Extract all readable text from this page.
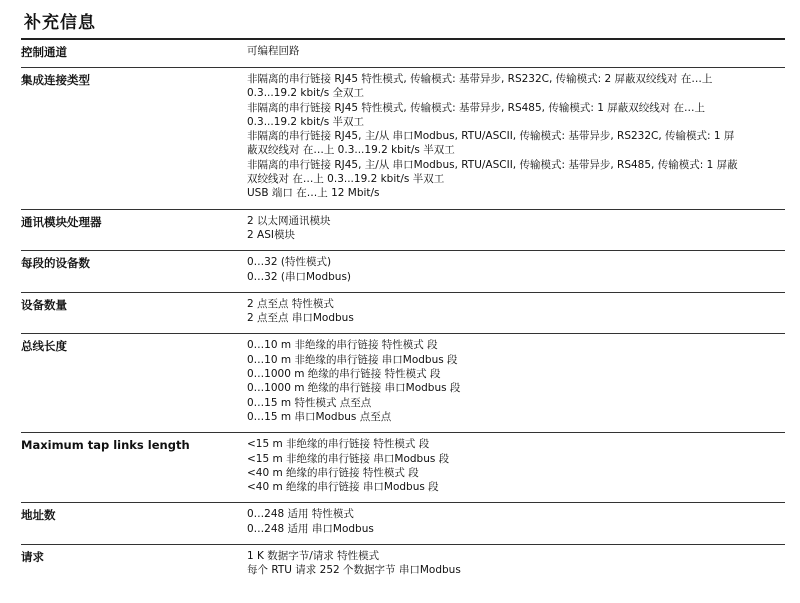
补充信息
控制通道	可编程回路
集成连接类型	非隔离的串行链接 RJ45 特性模式, 传输模式: 基带异步, RS232C, 传输模式: 2 屏蔽双绞线对 在…上
0.3...19.2 kbit/s 全双工
非隔离的串行链接 RJ45 特性模式, 传输模式: 基带异步, RS485, 传输模式: 1 屏蔽双绞线对 在…上
0.3...19.2 kbit/s 半双工
非隔离的串行链接 RJ45, 主/从 串口Modbus, RTU/ASCII, 传输模式: 基带异步, RS232C, 传输模式: 1 屏
蔽双绞线对 在…上 0.3...19.2 kbit/s 半双工
非隔离的串行链接 RJ45, 主/从 串口Modbus, RTU/ASCII, 传输模式: 基带异步, RS485, 传输模式: 1 屏蔽
双绞线对 在…上 0.3...19.2 kbit/s 半双工
USB 端口 在…上 12 Mbit/s
通讯模块处理器	2 以太网通讯模块
2 ASI模块
每段的设备数	0…32 (特性模式)
0…32 (串口Modbus)
设备数量	2 点至点 特性模式
2 点至点 串口Modbus
总线长度	0…10 m 非绝缘的串行链接 特性模式 段
0…10 m 非绝缘的串行链接 串口Modbus 段
0…1000 m 绝缘的串行链接 特性模式 段
0…1000 m 绝缘的串行链接 串口Modbus 段
0…15 m 特性模式 点至点
0…15 m 串口Modbus 点至点
Maximum tap links length	<15 m 非绝缘的串行链接 特性模式 段
<15 m 非绝缘的串行链接 串口Modbus 段
<40 m 绝缘的串行链接 特性模式 段
<40 m 绝缘的串行链接 串口Modbus 段
地址数	0…248 适用 特性模式
0…248 适用 串口Modbus
请求	1 K 数据字节/请求 特性模式
每个 RTU 请求 252 个数据字节 串口Modbus
